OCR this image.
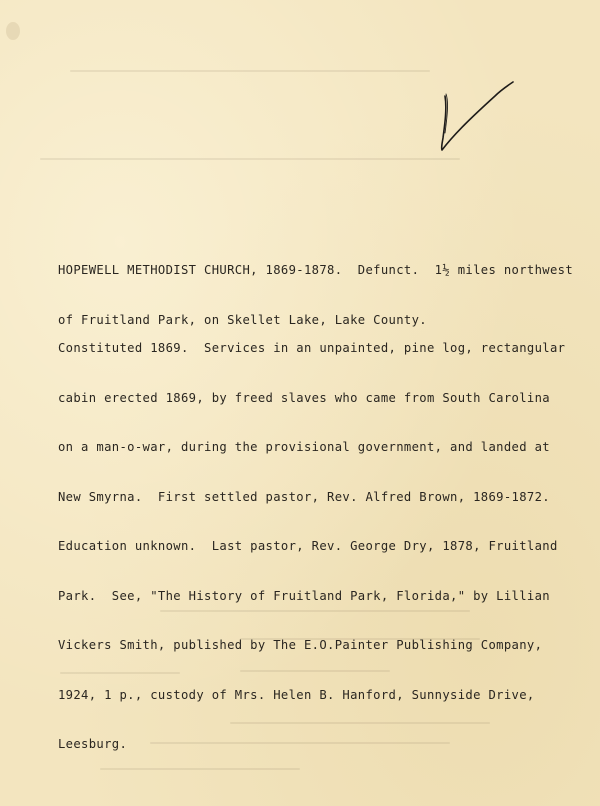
HOPEWELL METHODIST CHURCH, 1869-1878.  Defunct.  1½ miles northwest

of Fruitland Park, on Skellet Lake, Lake County.

Constituted 1869.  Services in an unpainted, pine log, rectangular

cabin erected 1869, by freed slaves who came from South Carolina

on a man-o-war, during the provisional government, and landed at

New Smyrna.  First settled pastor, Rev. Alfred Brown, 1869-1872.

Education unknown.  Last pastor, Rev. George Dry, 1878, Fruitland

Park.  See, "The History of Fruitland Park, Florida," by Lillian

Vickers Smith, published by The E.O.Painter Publishing Company,

1924, 1 p., custody of Mrs. Helen B. Hanford, Sunnyside Drive,

Leesburg.
